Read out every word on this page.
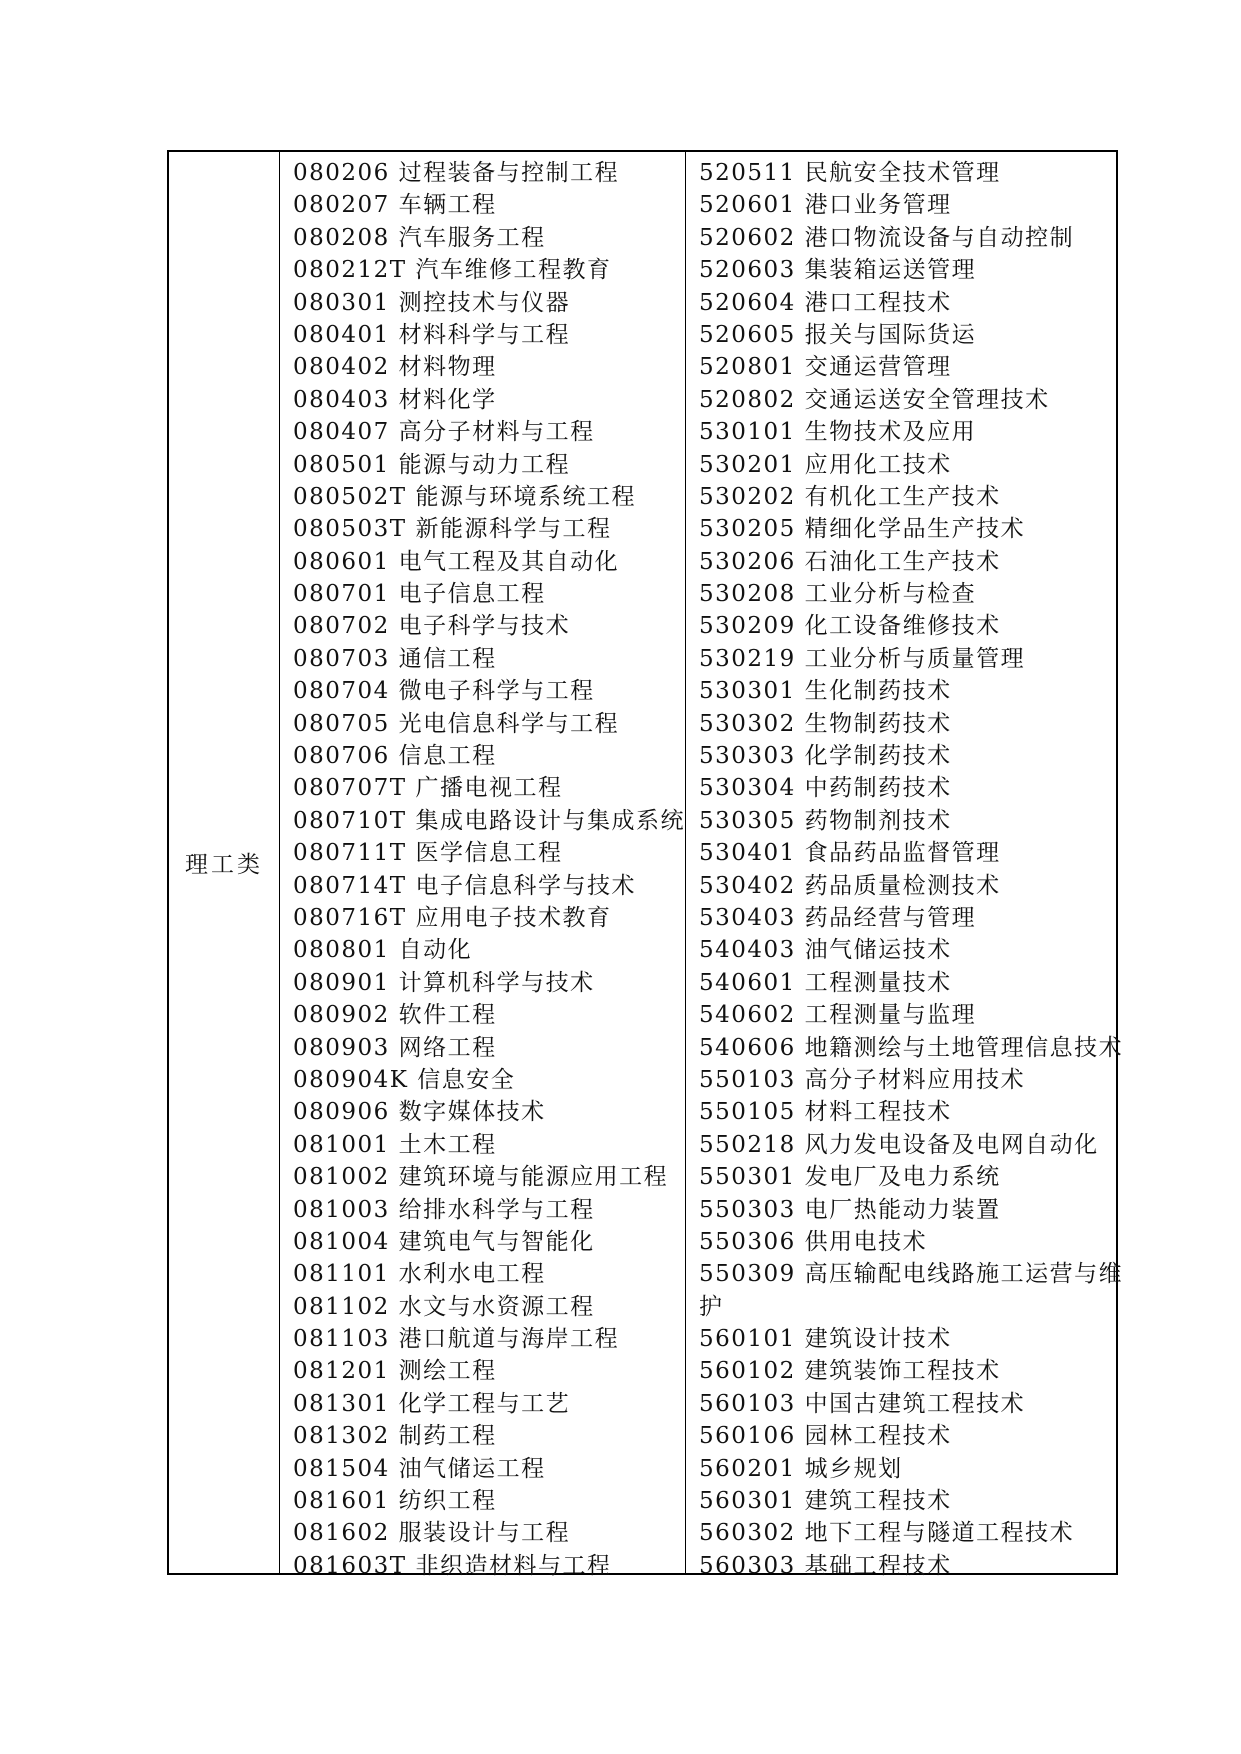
理工类
080206 过程装备与控制工程
080207 车辆工程
080208 汽车服务工程
080212T 汽车维修工程教育
080301 测控技术与仪器
080401 材料科学与工程
080402 材料物理
080403 材料化学
080407 高分子材料与工程
080501 能源与动力工程
080502T 能源与环境系统工程
080503T 新能源科学与工程
080601 电气工程及其自动化
080701 电子信息工程
080702 电子科学与技术
080703 通信工程
080704 微电子科学与工程
080705 光电信息科学与工程
080706 信息工程
080707T 广播电视工程
080710T 集成电路设计与集成系统
080711T 医学信息工程
080714T 电子信息科学与技术
080716T 应用电子技术教育
080801 自动化
080901 计算机科学与技术
080902 软件工程
080903 网络工程
080904K 信息安全
080906 数字媒体技术
081001 土木工程
081002 建筑环境与能源应用工程
081003 给排水科学与工程
081004 建筑电气与智能化
081101 水利水电工程
081102 水文与水资源工程
081103 港口航道与海岸工程
081201 测绘工程
081301 化学工程与工艺
081302 制药工程
081504 油气储运工程
081601 纺织工程
081602 服装设计与工程
081603T 非织造材料与工程
520511 民航安全技术管理
520601 港口业务管理
520602 港口物流设备与自动控制
520603 集装箱运送管理
520604 港口工程技术
520605 报关与国际货运
520801 交通运营管理
520802 交通运送安全管理技术
530101 生物技术及应用
530201 应用化工技术
530202 有机化工生产技术
530205 精细化学品生产技术
530206 石油化工生产技术
530208 工业分析与检查
530209 化工设备维修技术
530219 工业分析与质量管理
530301 生化制药技术
530302 生物制药技术
530303 化学制药技术
530304 中药制药技术
530305 药物制剂技术
530401 食品药品监督管理
530402 药品质量检测技术
530403 药品经营与管理
540403 油气储运技术
540601 工程测量技术
540602 工程测量与监理
540606 地籍测绘与土地管理信息技术
550103 高分子材料应用技术
550105 材料工程技术
550218 风力发电设备及电网自动化
550301 发电厂及电力系统
550303 电厂热能动力装置
550306 供用电技术
550309 高压输配电线路施工运营与维
护
560101 建筑设计技术
560102 建筑装饰工程技术
560103 中国古建筑工程技术
560106 园林工程技术
560201 城乡规划
560301 建筑工程技术
560302 地下工程与隧道工程技术
560303 基础工程技术
